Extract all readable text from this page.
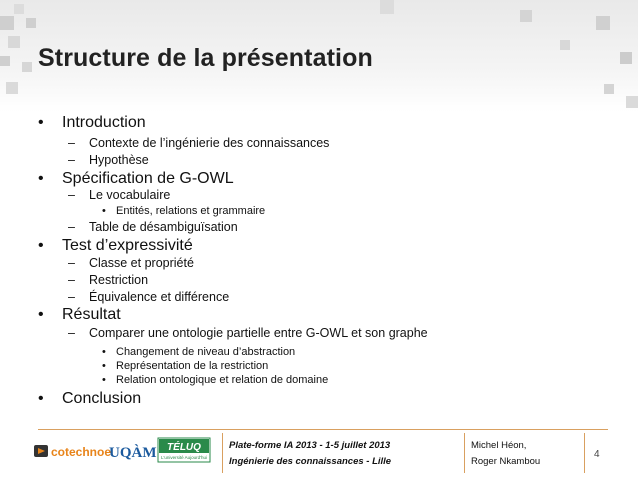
Structure de la présentation
• Introduction
– Contexte de l’ingénierie des connaissances
– Hypothèse
• Spécification de G-OWL
– Le vocabulaire
• Entités, relations et grammaire
– Table de désambiguïsation
• Test d’expressivité
– Classe et propriété
– Restriction
– Équivalence et différence
• Résultat
– Comparer une ontologie partielle entre G-OWL et son graphe
• Changement de niveau d’abstraction
• Représentation de la restriction
• Relation ontologique et relation de domaine
• Conclusion
cotechnoe
UQÀM TÉLUQ
L'université Aujourd'hui
Plate-forme IA 2013 - 1-5 juillet 2013
Ingénierie des connaissances - Lille
Michel Héon,
Roger Nkambou
4
